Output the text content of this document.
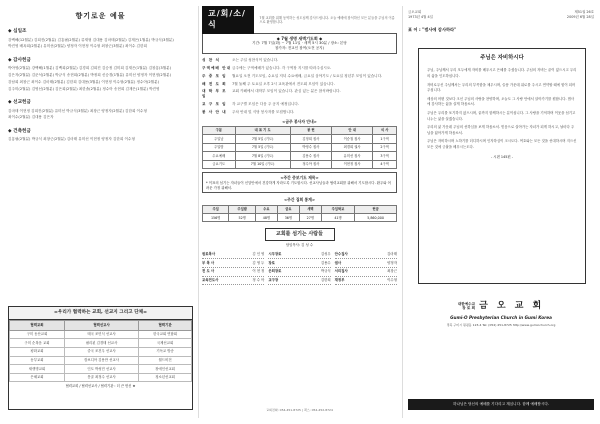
향기로운 예물
◆ 십일조

강백해(12월분) 김희진(2월분) 김흥필(2월분) 류재형 김대용 김마태(2월분) 김재은(1월분) 박규식(3월분)

박진영 배옥희(2월분) 유미선(2월분) 양정자 이현정 이수형 최창근(3월분) 최이수 김한희

◆ 감사헌금

박아영(2월분) 강백해(1월분) 김백희(2월분) 김경희 김희진 김승정 김미희 김재은(1월분) 김창흥(3월분)

김은자(2월분) 김준석(2월분) 박규식 송현희(2월분) 박정희 신승경(1월분) 유미선 양정자 이현정(2월분)

강남희 최창근 최이수 김마태(2월분) 김한희 김대용(3월분) 이현정 이수형(2월분) 정수아(2월분)

김주미(2월분) 김영선(2월분) 김은희(2월분) 최한솔(2월분) 정수아 송현희 김재은(1월분) 박진영

◆ 선교헌금

김마태 이현정 김희진(2월분) 유미선 박규식(3월분) 최창근 양정자(2월분) 김한희 이수형

최이수(2월분) 김대용 김은자

◆ 건축헌금

김흥필(2월분) 박규식 최창근(2월분) 김마태 유미선 이현정 양정자 김한희 이수형

=우리가 협력하는 교회, 선교지 그리고 단체=
협력교회	협력선교사	협력기관
구미 동산교회	태국 조민식 선교사	한국교회 연합회
구미 순복음 교회	필리핀 김경태 선교사	국제선교회
평화교회	중국 조건우 선교사	기독교 방송
동부교회	캄보디아 김용만 선교사	월드비전
새생명교회	인도 박성민 선교사	장애인선교회
은혜교회	몽골 최정수 선교사	청소년선교회
협력교회 / 협력선교사 / 협력기관 : 더 큰 헌신 ★
교/회/소/식
7월 교회를 위해 동역하는 성도님께 감사드립니다. 오늘 예배에 참석하신 모든 분들을 주님의 이름으로 환영합니다.
◆ 7월 생명 새벽기도회 ◆
기간: 7월 7일(화) ~ 7월 11일 · 새벽 5시 30분 / 장소: 본당
참가자: 전교인 참여(오전 공지)
성 찬 식	오는 주일 성찬식이 있습니다.
구역예배 안내 금주에는 구역예배가 있습니다. 각 구역장 지시를 따라주십시오.
주 중 모 임	월요일 오전 기도모임, 수요일 저녁 수요예배, 금요일 심야기도 / 토요일 청년부 모임이 있습니다.
배 전 도 회	7월 둘째 주 토요일 오후 2시 교육관에서 전도회 모임이 있습니다.
대 학 부 모 임
교회 카페에서 대학부 모임이 있습니다. 관심 있는 분은 참석바랍니다.
교 구 모 임	각 교구별 모임은 다음 주 공지 예정입니다.
봉 사 안 내	주차 안내 및 식당 봉사자를 모집합니다.
<금주 봉사자 안내>
구분	대 표 기 도	봉 헌	안 내	식 사
주일낮	7월 5일 (기도)	김정희 집사	이승철 집사	1구역
주일밤	7월 5일 (기도)	박영수 집사	최경희 권사	2구역
수요예배	7월 8일 (기도)	김용수 집사	유미선 집사	3구역
금요기도	7월 10일 (기도)	정수아 집사	이현정 집사	4구역
<주간 중보기도 제목>
* 이표의 섬기는 자녀들이 신앙안에서 건강하게 자라도록 기도합시다. 선교사님들과 협력교회를 위해서 기도합시다. 환우와 어려운 가정 위해서.
<주간 집회 통계>
주일	주일밤	수요	금요	새벽	주일학교	헌금
156명	52명	48명	36명	27명	41명	5,860,000
교회를 섬기는 사람들
담임목사: 김 성 수
원로목사	김 인 영 시무장로	김성우 안수집사	김마태
부 목 사	김 영 두 장로	김용수 권사	양정자
전 도 사	이 현 정 은퇴장로	박규식 서리집사	최창근
교육전도사	정 수 아 교구장	김한희 재정부	이수형
교회전화: 054-451-8725 | 팩스: 054-452-8724
금오교회
1973년 4월 4일
제51권 26호
2009년 6월 28일
표 어 : "범사에 감사하라"
주님은 자비하시다

주님, 주님께서 우리 모두에게 자비를 베푸시고 은혜를 주셨습니다. 주님의 자비는 끝이 없으시고 우리의 삶을 인도하십니다.

자비로우신 주님께서는 우리의 부족함을 채우시며, 슬픔 가운데 위로를 주시고 연약할 때에 힘이 되어 주십니다.

세상의 어떤 것보다 크신 주님의 사랑을 찬양하며, 오늘도 그 사랑 안에서 살아가기를 원합니다. 범사에 감사하는 삶을 살게 하옵소서.

주님은 우리를 포기하지 않으시며, 끝까지 함께하시는 분이십니다. 그 사랑을 기억하며 이웃을 섬기고 나누는 삶을 살겠습니다.

우리의 삶 가운데 주님의 선하심을 보게 하옵소서. 믿음으로 살아가는 자녀가 되게 하시고, 날마다 주님을 닮아가게 하옵소서.

주님은 자비하시며 노하기를 더디하시며 인자하심이 크시도다. 여호와는 모든 것을 선대하시며 지으신 모든 것에 긍휼을 베푸시는도다.

- 시편 145편 -
대한예수교
장 로 회 금 오 교 회
Gumi-O Presbyterian Church in Gumi Korea
경북 구미시 원평동 123-4 Tel: (054) 451-8725 http://www.gumiochurch.org
하나님은 당신의 예배를 기다리고 계십니다. 함께 예배합시다.
